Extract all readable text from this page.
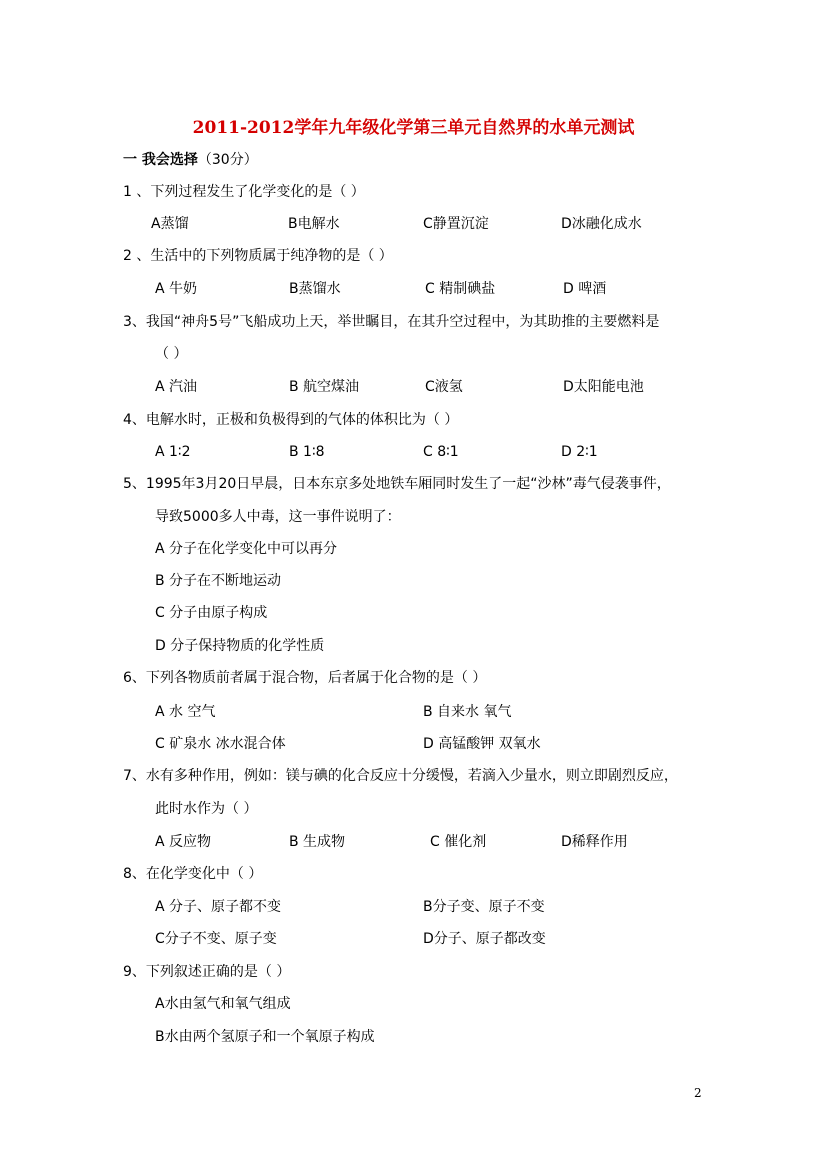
2011-2012学年九年级化学第三单元自然界的水单元测试
一 我会选择（30分）
1 、下列过程发生了化学变化的是（ ）
A蒸馏	B电解水	C静置沉淀	D冰融化成水
2 、生活中的下列物质属于纯净物的是（ ）
A 牛奶	B蒸馏水	C 精制碘盐	D 啤酒
3、我国“神舟5号”飞船成功上天，举世瞩目，在其升空过程中，为其助推的主要燃料是
（ ）
A 汽油	B 航空煤油	C液氢	D太阳能电池
4、电解水时，正极和负极得到的气体的体积比为（ ）
A 1∶2	B 1∶8	C 8∶1	D 2∶1
5、1995年3月20日早晨，日本东京多处地铁车厢同时发生了一起“沙林”毒气侵袭事件，
导致5000多人中毒，这一事件说明了：
A 分子在化学变化中可以再分
B 分子在不断地运动
C 分子由原子构成
D 分子保持物质的化学性质
6、下列各物质前者属于混合物，后者属于化合物的是（ ）
A 水 空气	B 自来水 氧气
C 矿泉水 冰水混合体	D 高锰酸钾 双氧水
7、水有多种作用，例如：镁与碘的化合反应十分缓慢，若滴入少量水，则立即剧烈反应，
此时水作为（ ）
A 反应物	B 生成物	C 催化剂	D稀释作用
8、在化学变化中（ ）
A 分子、原子都不变	B分子变、原子不变
C分子不变、原子变	D分子、原子都改变
9、下列叙述正确的是（ ）
A水由氢气和氧气组成
B水由两个氢原子和一个氧原子构成
2
